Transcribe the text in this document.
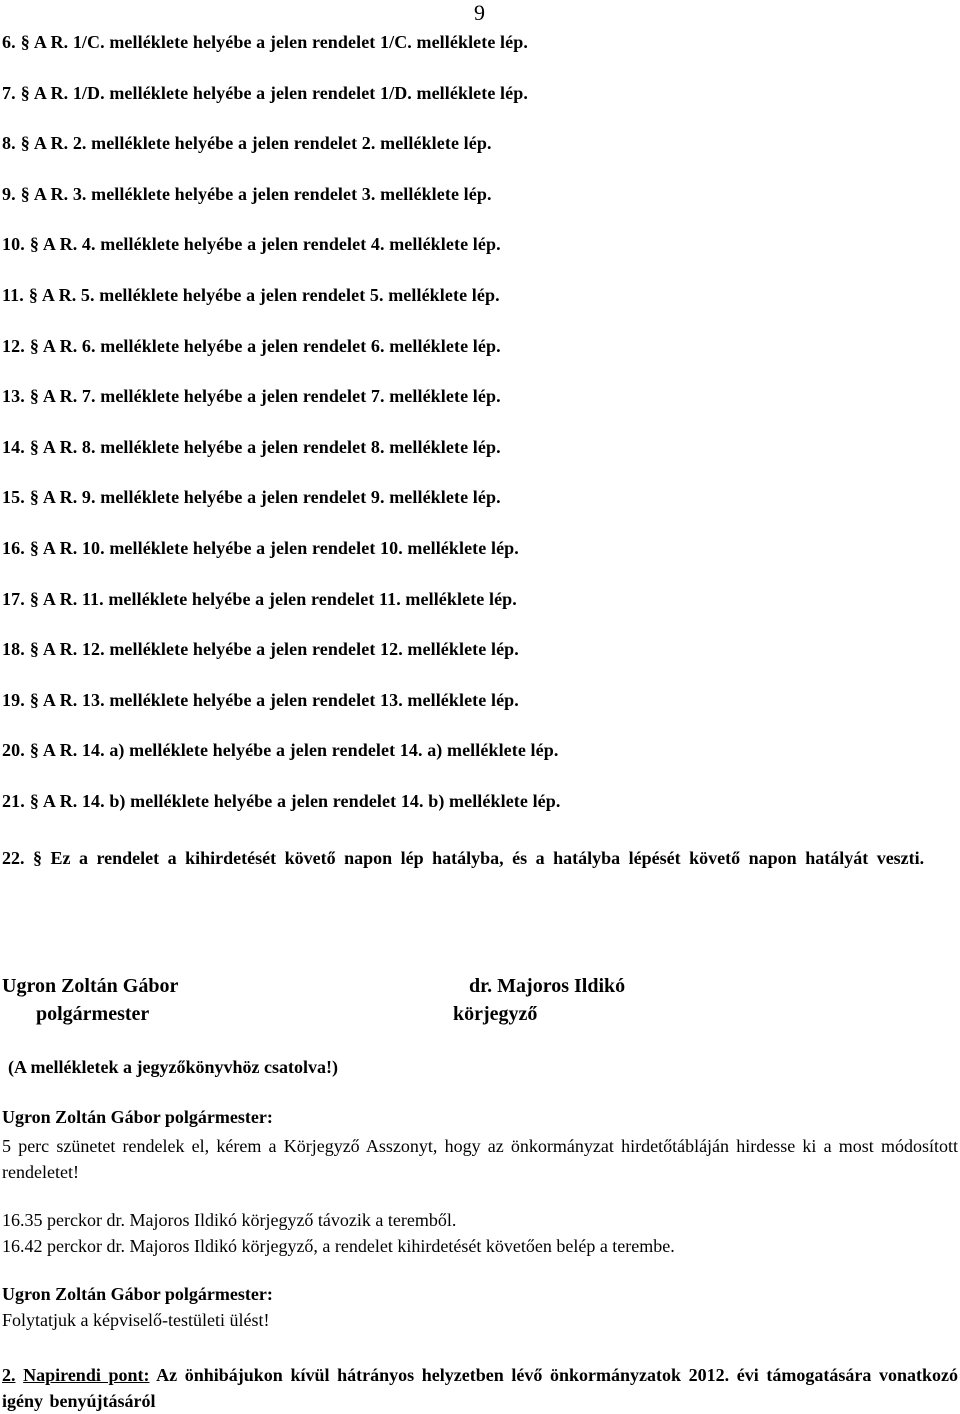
9
6. § A R. 1/C. melléklete helyébe a jelen rendelet 1/C. melléklete lép.
7. § A R. 1/D. melléklete helyébe a jelen rendelet 1/D. melléklete lép.
8. § A R. 2. melléklete helyébe a jelen rendelet 2. melléklete lép.
9. § A R. 3. melléklete helyébe a jelen rendelet 3. melléklete lép.
10. § A R. 4. melléklete helyébe a jelen rendelet 4. melléklete lép.
11. § A R. 5. melléklete helyébe a jelen rendelet 5. melléklete lép.
12. § A R. 6. melléklete helyébe a jelen rendelet 6. melléklete lép.
13. § A R. 7. melléklete helyébe a jelen rendelet 7. melléklete lép.
14. § A R. 8. melléklete helyébe a jelen rendelet 8. melléklete lép.
15. § A R. 9. melléklete helyébe a jelen rendelet 9. melléklete lép.
16. § A R. 10. melléklete helyébe a jelen rendelet 10. melléklete lép.
17. § A R. 11. melléklete helyébe a jelen rendelet 11. melléklete lép.
18. § A R. 12. melléklete helyébe a jelen rendelet 12. melléklete lép.
19. § A R. 13. melléklete helyébe a jelen rendelet 13. melléklete lép.
20. § A R. 14. a) melléklete helyébe a jelen rendelet 14. a) melléklete lép.
21. § A R. 14. b) melléklete helyébe a jelen rendelet 14. b) melléklete lép.
22. § Ez a rendelet a kihirdetését követő napon lép hatályba, és a hatályba lépését követő napon hatályát veszti.
Ugron Zoltán Gábor
polgármester
dr. Majoros Ildikó
körjegyző
(A mellékletek a jegyzőkönyvhöz csatolva!)
Ugron Zoltán Gábor polgármester:
5 perc szünetet rendelek el, kérem a Körjegyző Asszonyt, hogy az önkormányzat hirdetőtábláján hirdesse ki a most módosított rendeletet!
16.35 perckor dr. Majoros Ildikó körjegyző távozik a teremből.
16.42 perckor dr. Majoros Ildikó körjegyző, a rendelet kihirdetését követően belép a terembe.
Ugron Zoltán Gábor polgármester:
Folytatjuk a képviselő-testületi ülést!
2. Napirendi pont: Az önhibájukon kívül hátrányos helyzetben lévő önkormányzatok 2012. évi támogatására vonatkozó igény benyújtásáról
